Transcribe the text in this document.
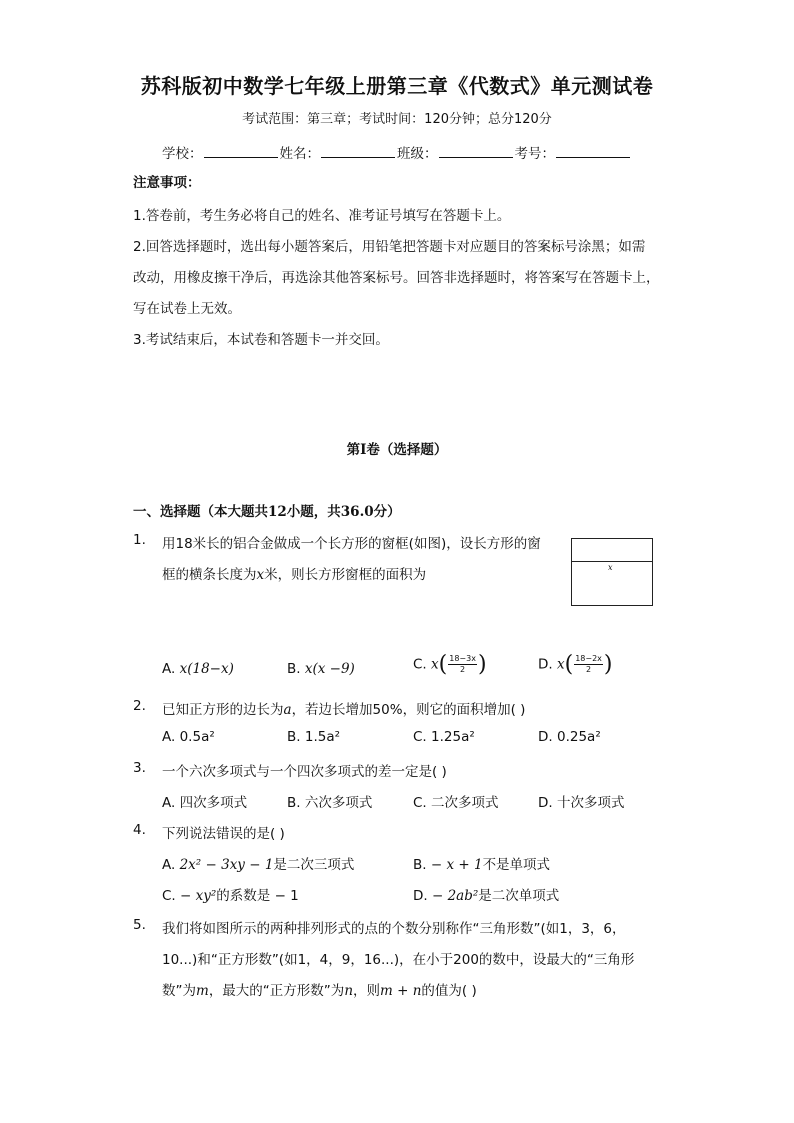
苏科版初中数学七年级上册第三章《代数式》单元测试卷
考试范围：第三章；考试时间：120分钟；总分120分
学校：	姓名：	班级：	考号：
注意事项：
1.答卷前，考生务必将自己的姓名、准考证号填写在答题卡上。
2.回答选择题时，选出每小题答案后，用铅笔把答题卡对应题目的答案标号涂黑；如需
改动，用橡皮擦干净后，再选涂其他答案标号。回答非选择题时，将答案写在答题卡上，
写在试卷上无效。
3.考试结束后，本试卷和答题卡一并交回。
第Ⅰ卷（选择题）
一、选择题（本大题共12小题，共36.0分）
1. 用18米长的铝合金做成一个长方形的窗框(如图)，设长方形的窗
框的横条长度为x米，则长方形窗框的面积为	x
A. x(18−x)	B. x(x −9)	C. $x( \frac{18-3x}{2}$ )	D. $x( \frac{18-2x}{2}$ )
2. 已知正方形的边长为a，若边长增加50%，则它的面积增加( )
A. 0.5a²	B. 1.5a²	C. 1.25a²	D. 0.25a²
3. 一个六次多项式与一个四次多项式的差一定是( )
A. 四次多项式	B. 六次多项式	C. 二次多项式	D. 十次多项式
4. 下列说法错误的是( )
A. 2x² − 3xy − 1是二次三项式	B. − x + 1不是单项式
C. − xy²的系数是 − 1	D. − 2ab²是二次单项式
5. 我们将如图所示的两种排列形式的点的个数分别称作“三角形数”(如1，3，6，
10...)和“正方形数”(如1，4，9，16...)，在小于200的数中，设最大的“三角形
数”为m，最大的“正方形数”为n，则m + n的值为( )
